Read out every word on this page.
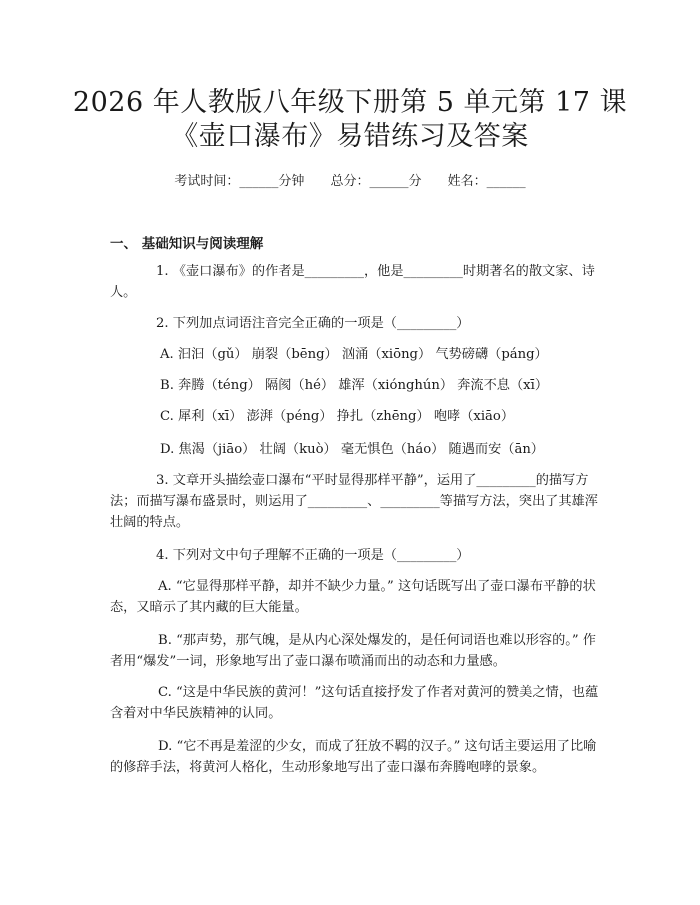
2026 年人教版八年级下册第 5 单元第 17 课
《壶口瀑布》易错练习及答案
考试时间：______分钟 总分：______分 姓名：______
一、 基础知识与阅读理解
1. 《壶口瀑布》的作者是_________，他是_________时期著名的散文家、诗人。
2. 下列加点词语注音完全正确的一项是（_________）
A. 汩汩（gǔ） 崩裂（bēng） 汹涌（xiōng） 气势磅礴（páng）
B. 奔腾（téng） 隔阂（hé） 雄浑（xiónghún） 奔流不息（xī）
C. 犀利（xī） 澎湃（péng） 挣扎（zhēng） 咆哮（xiāo）
D. 焦渴（jiāo） 壮阔（kuò） 毫无惧色（háo） 随遇而安（ān）
3. 文章开头描绘壶口瀑布“平时显得那样平静”，运用了_________的描写方法；而描写瀑布盛景时，则运用了_________、_________等描写方法，突出了其雄浑壮阔的特点。
4. 下列对文中句子理解不正确的一项是（_________）
A. “它显得那样平静，却并不缺少力量。” 这句话既写出了壶口瀑布平静的状态，又暗示了其内藏的巨大能量。
B. “那声势，那气魄，是从内心深处爆发的，是任何词语也难以形容的。” 作者用“爆发”一词，形象地写出了壶口瀑布喷涌而出的动态和力量感。
C. “这是中华民族的黄河！”这句话直接抒发了作者对黄河的赞美之情，也蕴含着对中华民族精神的认同。
D. “它不再是羞涩的少女，而成了狂放不羁的汉子。” 这句话主要运用了比喻的修辞手法，将黄河人格化，生动形象地写出了壶口瀑布奔腾咆哮的景象。
